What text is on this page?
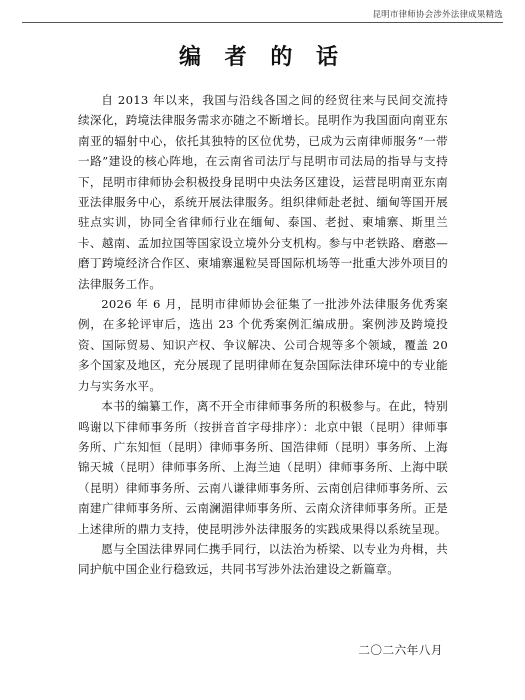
昆明市律师协会涉外法律成果精选
编 者 的 话

自 2013 年以来，我国与沿线各国之间的经贸往来与民间交流持续深化，跨境法律服务需求亦随之不断增长。昆明作为我国面向南亚东南亚的辐射中心，依托其独特的区位优势，已成为云南律师服务“一带一路”建设的核心阵地，在云南省司法厅与昆明市司法局的指导与支持下，昆明市律师协会积极投身昆明中央法务区建设，运营昆明南亚东南亚法律服务中心，系统开展法律服务。组织律师赴老挝、缅甸等国开展驻点实训，协同全省律师行业在缅甸、泰国、老挝、柬埔寨、斯里兰卡、越南、孟加拉国等国家设立境外分支机构。参与中老铁路、磨憨—磨丁跨境经济合作区、柬埔寨暹粒吴哥国际机场等一批重大涉外项目的法律服务工作。

2026 年 6 月，昆明市律师协会征集了一批涉外法律服务优秀案例，在多轮评审后，选出 23 个优秀案例汇编成册。案例涉及跨境投资、国际贸易、知识产权、争议解决、公司合规等多个领域，覆盖 20 多个国家及地区，充分展现了昆明律师在复杂国际法律环境中的专业能力与实务水平。

本书的编纂工作，离不开全市律师事务所的积极参与。在此，特别鸣谢以下律师事务所（按拼音首字母排序）：北京中银（昆明）律师事务所、广东知恒（昆明）律师事务所、国浩律师（昆明）事务所、上海锦天城（昆明）律师事务所、上海兰迪（昆明）律师事务所、上海中联（昆明）律师事务所、云南八谦律师事务所、云南创启律师事务所、云南建广律师事务所、云南澜湄律师事务所、云南众济律师事务所。正是上述律所的鼎力支持，使昆明涉外法律服务的实践成果得以系统呈现。

愿与全国法律界同仁携手同行，以法治为桥梁、以专业为舟楫，共同护航中国企业行稳致远，共同书写涉外法治建设之新篇章。

二〇二六年八月
